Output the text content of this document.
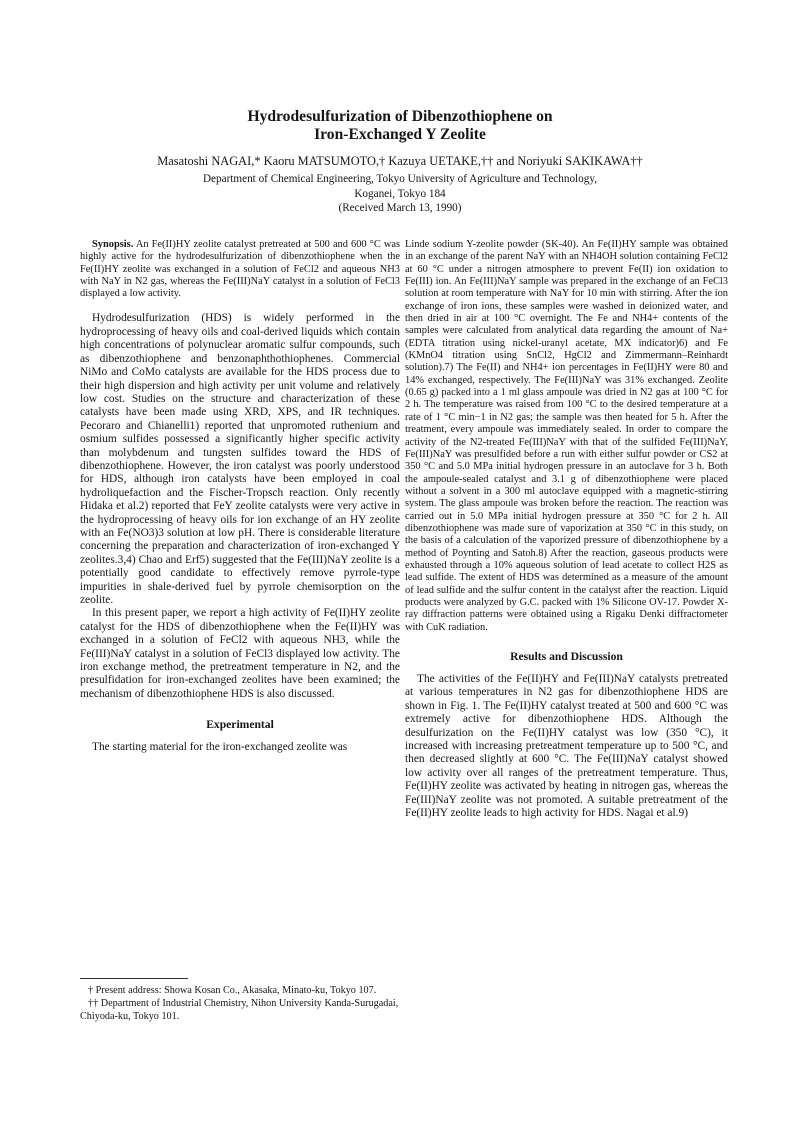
Hydrodesulfurization of Dibenzothiophene on
Iron-Exchanged Y Zeolite
Masatoshi NAGAI,* Kaoru MATSUMOTO,† Kazuya UETAKE,†† and Noriyuki SAKIKAWA††
Department of Chemical Engineering, Tokyo University of Agriculture and Technology,
Koganei, Tokyo 184
(Received March 13, 1990)

Synopsis. An Fe(II)HY zeolite catalyst pretreated at 500 and 600 °C was highly active for the hydrodesulfurization of dibenzothiophene when the Fe(II)HY zeolite was exchanged in a solution of FeCl2 and aqueous NH3 with NaY in N2 gas, whereas the Fe(III)NaY catalyst in a solution of FeCl3 displayed a low activity.

Hydrodesulfurization (HDS) is widely performed in the hydroprocessing of heavy oils and coal-derived liquids which contain high concentrations of polynuclear aromatic sulfur compounds, such as dibenzothiophene and benzonaphthothiophenes. Commercial NiMo and CoMo catalysts are available for the HDS process due to their high dispersion and high activity per unit volume and relatively low cost. Studies on the structure and characterization of these catalysts have been made using XRD, XPS, and IR techniques. Pecoraro and Chianelli1) reported that unpromoted ruthenium and osmium sulfides possessed a significantly higher specific activity than molybdenum and tungsten sulfides toward the HDS of dibenzothiophene. However, the iron catalyst was poorly understood for HDS, although iron catalysts have been employed in coal hydroliquefaction and the Fischer-Tropsch reaction. Only recently Hidaka et al.2) reported that FeY zeolite catalysts were very active in the hydroprocessing of heavy oils for ion exchange of an HY zeolite with an Fe(NO3)3 solution at low pH. There is considerable literature concerning the preparation and characterization of iron-exchanged Y zeolites.3,4) Chao and Erf5) suggested that the Fe(III)NaY zeolite is a potentially good candidate to effectively remove pyrrole-type impurities in shale-derived fuel by pyrrole chemisorption on the zeolite.

In this present paper, we report a high activity of Fe(II)HY zeolite catalyst for the HDS of dibenzothiophene when the Fe(II)HY was exchanged in a solution of FeCl2 with aqueous NH3, while the Fe(III)NaY catalyst in a solution of FeCl3 displayed low activity. The iron exchange method, the pretreatment temperature in N2, and the presulfidation for iron-exchanged zeolites have been examined; the mechanism of dibenzothiophene HDS is also discussed.

Experimental

The starting material for the iron-exchanged zeolite was

† Present address: Showa Kosan Co., Akasaka, Minato-ku, Tokyo 107.

†† Department of Industrial Chemistry, Nihon University Kanda-Surugadai, Chiyoda-ku, Tokyo 101.

Linde sodium Y-zeolite powder (SK-40). An Fe(II)HY sample was obtained in an exchange of the parent NaY with an NH4OH solution containing FeCl2 at 60 °C under a nitrogen atmosphere to prevent Fe(II) ion oxidation to Fe(III) ion. An Fe(III)NaY sample was prepared in the exchange of an FeCl3 solution at room temperature with NaY for 10 min with stirring. After the ion exchange of iron ions, these samples were washed in deionized water, and then dried in air at 100 °C overnight. The Fe and NH4+ contents of the samples were calculated from analytical data regarding the amount of Na+ (EDTA titration using nickel-uranyl acetate, MX indicator)6) and Fe (KMnO4 titration using SnCl2, HgCl2 and Zimmermann–Reinhardt solution).7) The Fe(II) and NH4+ ion percentages in Fe(II)HY were 80 and 14% exchanged, respectively. The Fe(III)NaY was 31% exchanged. Zeolite (0.65 g) packed into a 1 ml glass ampoule was dried in N2 gas at 100 °C for 2 h. The temperature was raised from 100 °C to the desired temperature at a rate of 1 °C min−1 in N2 gas; the sample was then heated for 5 h. After the treatment, every ampoule was immediately sealed. In order to compare the activity of the N2-treated Fe(III)NaY with that of the sulfided Fe(III)NaY, Fe(III)NaY was presulfided before a run with either sulfur powder or CS2 at 350 °C and 5.0 MPa initial hydrogen pressure in an autoclave for 3 h. Both the ampoule-sealed catalyst and 3.1 g of dibenzothiophene were placed without a solvent in a 300 ml autoclave equipped with a magnetic-stirring system. The glass ampoule was broken before the reaction. The reaction was carried out in 5.0 MPa initial hydrogen pressure at 350 °C for 2 h. All dibenzothiophene was made sure of vaporization at 350 °C in this study, on the basis of a calculation of the vaporized pressure of dibenzothiophene by a method of Poynting and Satoh.8) After the reaction, gaseous products were exhausted through a 10% aqueous solution of lead acetate to collect H2S as lead sulfide. The extent of HDS was determined as a measure of the amount of lead sulfide and the sulfur content in the catalyst after the reaction. Liquid products were analyzed by G.C. packed with 1% Silicone OV-17. Powder X-ray diffraction patterns were obtained using a Rigaku Denki diffractometer with CuK radiation.

Results and Discussion

The activities of the Fe(II)HY and Fe(III)NaY catalysts pretreated at various temperatures in N2 gas for dibenzothiophene HDS are shown in Fig. 1. The Fe(II)HY catalyst treated at 500 and 600 °C was extremely active for dibenzothiophene HDS. Although the desulfurization on the Fe(II)HY catalyst was low (350 °C), it increased with increasing pretreatment temperature up to 500 °C, and then decreased slightly at 600 °C. The Fe(III)NaY catalyst showed low activity over all ranges of the pretreatment temperature. Thus, Fe(II)HY zeolite was activated by heating in nitrogen gas, whereas the Fe(III)NaY zeolite was not promoted. A suitable pretreatment of the Fe(II)HY zeolite leads to high activity for HDS. Nagai et al.9)
